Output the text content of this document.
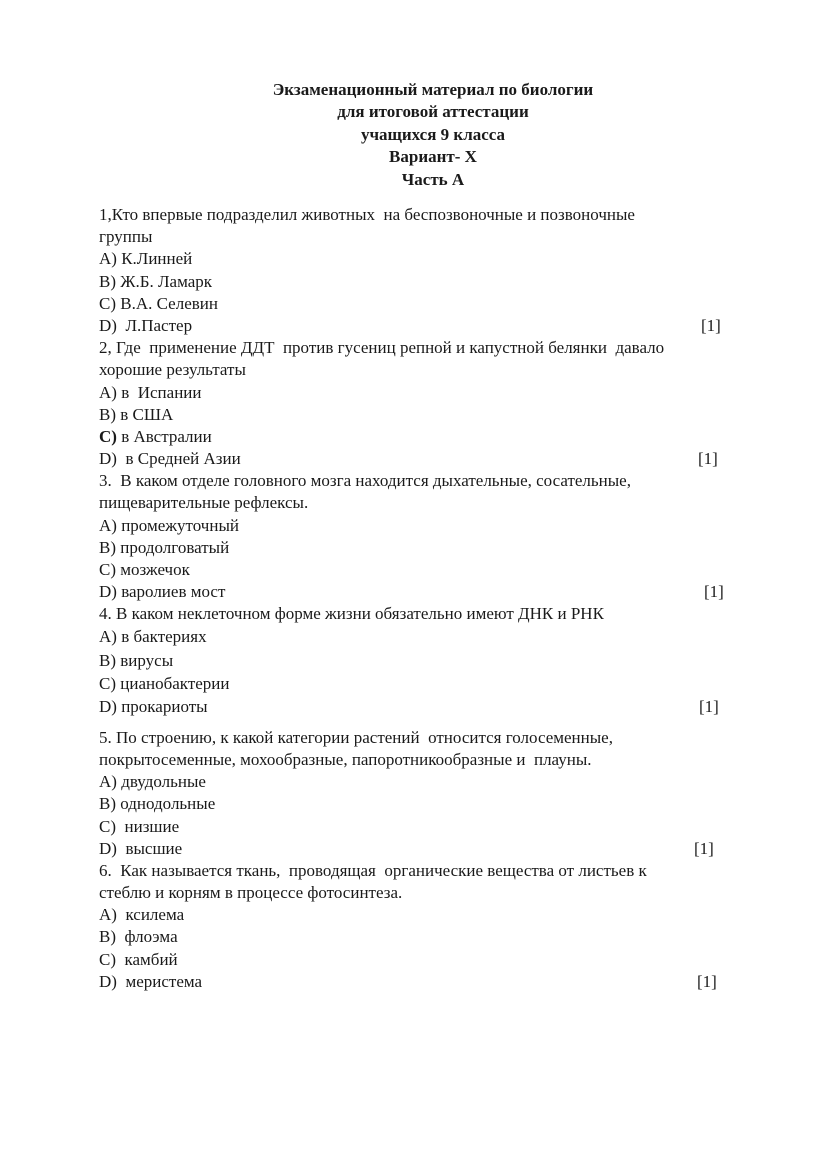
Экзаменационный материал по биологии
для итоговой аттестации
учащихся 9 класса
Вариант- X
Часть А
1,Кто впервые подразделил животных  на беспозвоночные и позвоночные
группы
A) К.Линней
B) Ж.Б. Ламарк
C) В.А. Селевин
D)  Л.Пастер	[1]
2, Где  применение ДДТ  против гусениц репной и капустной белянки  давало
хорошие результаты
A) в  Испании
B) в США
C) в Австралии
D)  в Средней Азии	[1]
3.  В каком отделе головного мозга находится дыхательные, сосательные,
пищеварительные рефлексы.
A) промежуточный
B) продолговатый
C) мозжечок
D) варолиев мост	[1]
4. В каком неклеточном форме жизни обязательно имеют ДНК и РНК
A) в бактериях
B) вирусы
C) цианобактерии
D) прокариоты	[1]
5. По строению, к какой категории растений  относится голосеменные,
покрытосеменные, мохообразные, папоротникообразные и  плауны.
A) двудольные
B) однодольные
C)  низшие
D)  высшие	[1]
6.  Как называется ткань,  проводящая  органические вещества от листьев к
стеблю и корням в процессе фотосинтеза.
A)  ксилема
B)  флоэма
C)  камбий
D)  меристема	[1]
